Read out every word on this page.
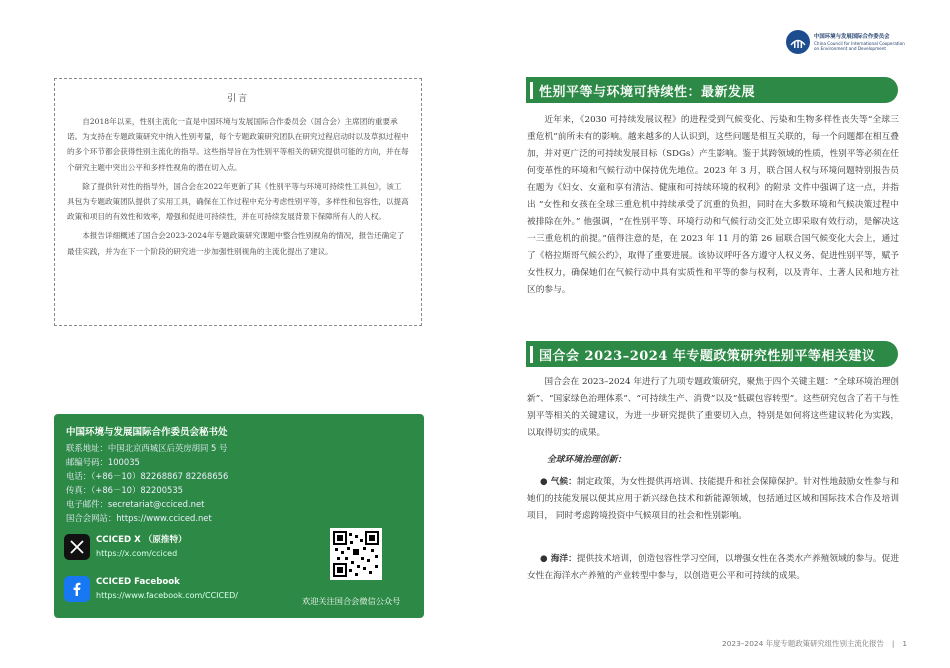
中国环境与发展国际合作委员会
China Council for International Cooperation
on Environment and Development
引言

自2018年以来，性别主流化一直是中国环境与发展国际合作委员会（国合会）主席团的重要承诺。为支持在专题政策研究中纳入性别考量，每个专题政策研究团队在研究过程启动时以及草拟过程中的多个环节都会获得性别主流化的指导。这些指导旨在为性别平等相关的研究提供可能的方向，并在每个研究主题中突出公平和多样性视角的潜在切入点。

除了提供针对性的指导外，国合会在2022年更新了其《性别平等与环境可持续性工具包》，该工具包为专题政策团队提供了实用工具，确保在工作过程中充分考虑性别平等，多样性和包容性，以提高政策和项目的有效性和效率，增强和促进可持续性，并在可持续发展背景下保障所有人的人权。

本报告详细概述了国合会2023-2024年专题政策研究课题中整合性别视角的情况，报告还确定了最佳实践，并为在下一个阶段的研究进一步加强性别视角的主流化提出了建议。

中国环境与发展国际合作委员会秘书处
联系地址：中国北京西城区后英房胡同 5 号
邮编号码：100035
电话：（+86－10）82268867 82268656
传真：（+86－10）82200535
电子邮件：secretariat@cciced.net
国合会网站：https://www.cciced.net
CCICED X （原推特）
https://x.com/cciced
CCICED Facebook
https://www.facebook.com/CCICED/
欢迎关注国合会微信公众号
性别平等与环境可持续性：最新发展

近年来，《2030 可持续发展议程》的进程受到气候变化、污染和生物多样性丧失等“全球三重危机”前所未有的影响。越来越多的人认识到，这些问题是相互关联的，每一个问题都在相互叠加，并对更广泛的可持续发展目标（SDGs）产生影响。鉴于其跨领域的性质，性别平等必须在任何变革性的环境和气候行动中保持优先地位。2023 年 3 月，联合国人权与环境问题特别报告员在题为《妇女、女童和享有清洁、健康和可持续环境的权利》的附录 文件中强调了这一点，并指出 “女性和女孩在全球三重危机中持续承受了沉重的负担，同时在大多数环境和气候决策过程中被排除在外。” 他强调，“在性别平等、环境行动和气候行动交汇处立即采取有效行动，是解决这一三重危机的前提。”值得注意的是，在 2023 年 11 月的第 26 届联合国气候变化大会上，通过了《格拉斯哥气候公约》，取得了重要进展。该协议呼吁各方遵守人权义务、促进性别平等，赋予女性权力，确保她们在气候行动中具有实质性和平等的参与权利，以及青年、土著人民和地方社区的参与。

国合会 2023–2024 年专题政策研究性别平等相关建议

国合会在 2023–2024 年进行了九项专题政策研究，聚焦于四个关键主题：“全球环境治理创新”、“国家绿色治理体系”、“可持续生产、消费”以及“低碳包容转型”。这些研究包含了若干与性别平等相关的关键建议，为进一步研究提供了重要切入点，特别是如何将这些建议转化为实践，以取得切实的成果。

全球环境治理创新：

● 气候：制定政策，为女性提供再培训、技能提升和社会保障保护。针对性地鼓励女性参与和她们的技能发展以便其应用于新兴绿色技术和新能源领域，包括通过区域和国际技术合作及培训项目， 同时考虑跨境投资中气候项目的社会和性别影响。

● 海洋：提供技术培训，创造包容性学习空间，以增强女性在各类水产养殖领域的参与。促进女性在海洋水产养殖的产业转型中参与，以创造更公平和可持续的成果。

2023–2024 年度专题政策研究组性别主流化报告 | 1
